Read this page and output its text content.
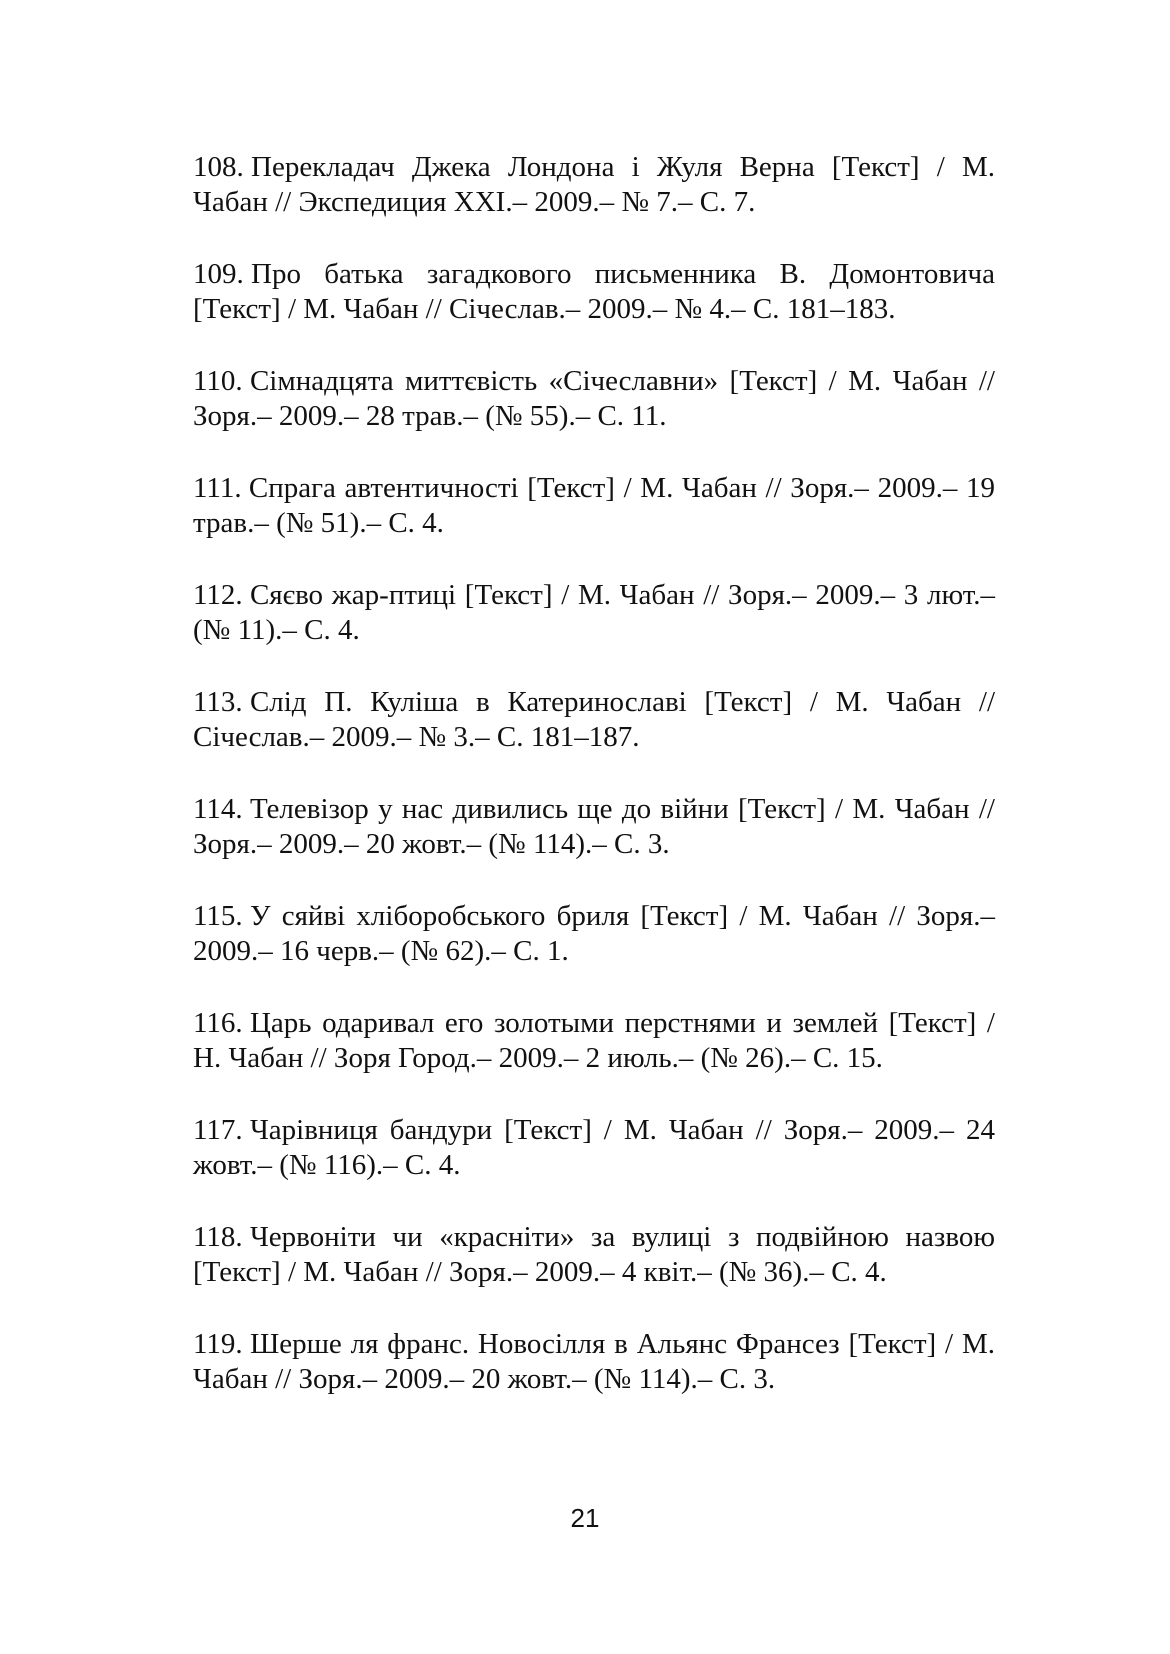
108. Перекладач Джека Лондона і Жуля Верна [Текст] / М. Чабан // Экспедиция XXI.– 2009.– № 7.– С. 7.
109. Про батька загадкового письменника В. Домонтовича [Текст] / М. Чабан // Січеслав.– 2009.– № 4.– С. 181–183.
110. Сімнадцята миттєвість «Січеславни» [Текст] / М. Чабан // Зоря.– 2009.– 28 трав.– (№ 55).– С. 11.
111. Спрага автентичності [Текст] / М. Чабан // Зоря.– 2009.– 19 трав.– (№ 51).– С. 4.
112. Сяєво жар-птиці [Текст] / М. Чабан // Зоря.– 2009.– 3 лют.– (№ 11).– С. 4.
113. Слід П. Куліша в Катеринославі [Текст] / М. Чабан // Січеслав.– 2009.– № 3.– С. 181–187.
114. Телевізор у нас дивились ще до війни [Текст] / М. Чабан // Зоря.– 2009.– 20 жовт.– (№ 114).– С. 3.
115. У сяйві хліборобського бриля [Текст] / М. Чабан // Зоря.– 2009.– 16 черв.– (№ 62).– С. 1.
116. Царь одаривал его золотыми перстнями и землей [Текст] / Н. Чабан // Зоря Город.– 2009.– 2 июль.– (№ 26).– С. 15.
117. Чарівниця бандури [Текст] / М. Чабан // Зоря.– 2009.– 24 жовт.– (№ 116).– С. 4.
118. Червоніти чи «красніти» за вулиці з подвійною назвою [Текст] / М. Чабан // Зоря.– 2009.– 4 квіт.– (№ 36).– С. 4.
119. Шерше ля франс. Новосілля в Альянс Франсез [Текст] / М. Чабан // Зоря.– 2009.– 20 жовт.– (№ 114).– С. 3.
21
